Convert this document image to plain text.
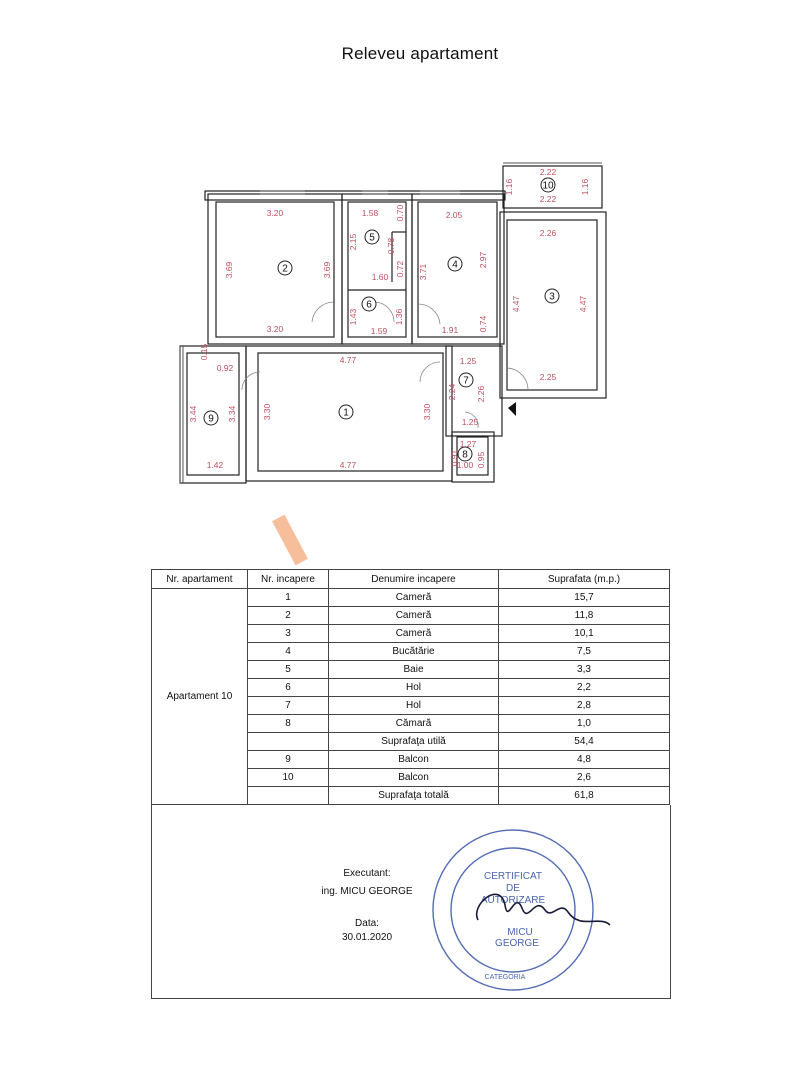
Releveu apartament
1
2
3
4
5
6
7
8
9
10
3.20
3.69	3.69
3.20
1.58 0.70
2.15	0.78
1.60 0.72
1.43	1.36
1.59
2.05
3.71
2.97
1.91 0.74
2.22
2.22
1.16	1.16
2.26
4.47	4.47
2.25
4.77
4.77
3.30	3.30
0.15
0.92
3.44	3.34
1.42
1.25
2.24 2.26
1.25
1.27
0.91 0.95
1.00
Nr. apartament	Nr. incapere	Denumire incapere	Suprafata (m.p.)
Apartament 10	1	Cameră	15,7
	2	Cameră	11,8
	3	Cameră	10,1
	4	Bucătărie	7,5
	5	Baie	3,3
	6	Hol	2,2
	7	Hol	2,8
	8	Cămară	1,0
		Suprafaţa utilă	54,4
	9	Balcon	4,8
	10	Balcon	2,6
		Suprafaţa totală	61,8
Executant:
ing. MICU GEORGE
Data:
30.01.2020
CERTIFICAT
DE
AUTORIZARE
MICU
GEORGE
CATEGORIA
